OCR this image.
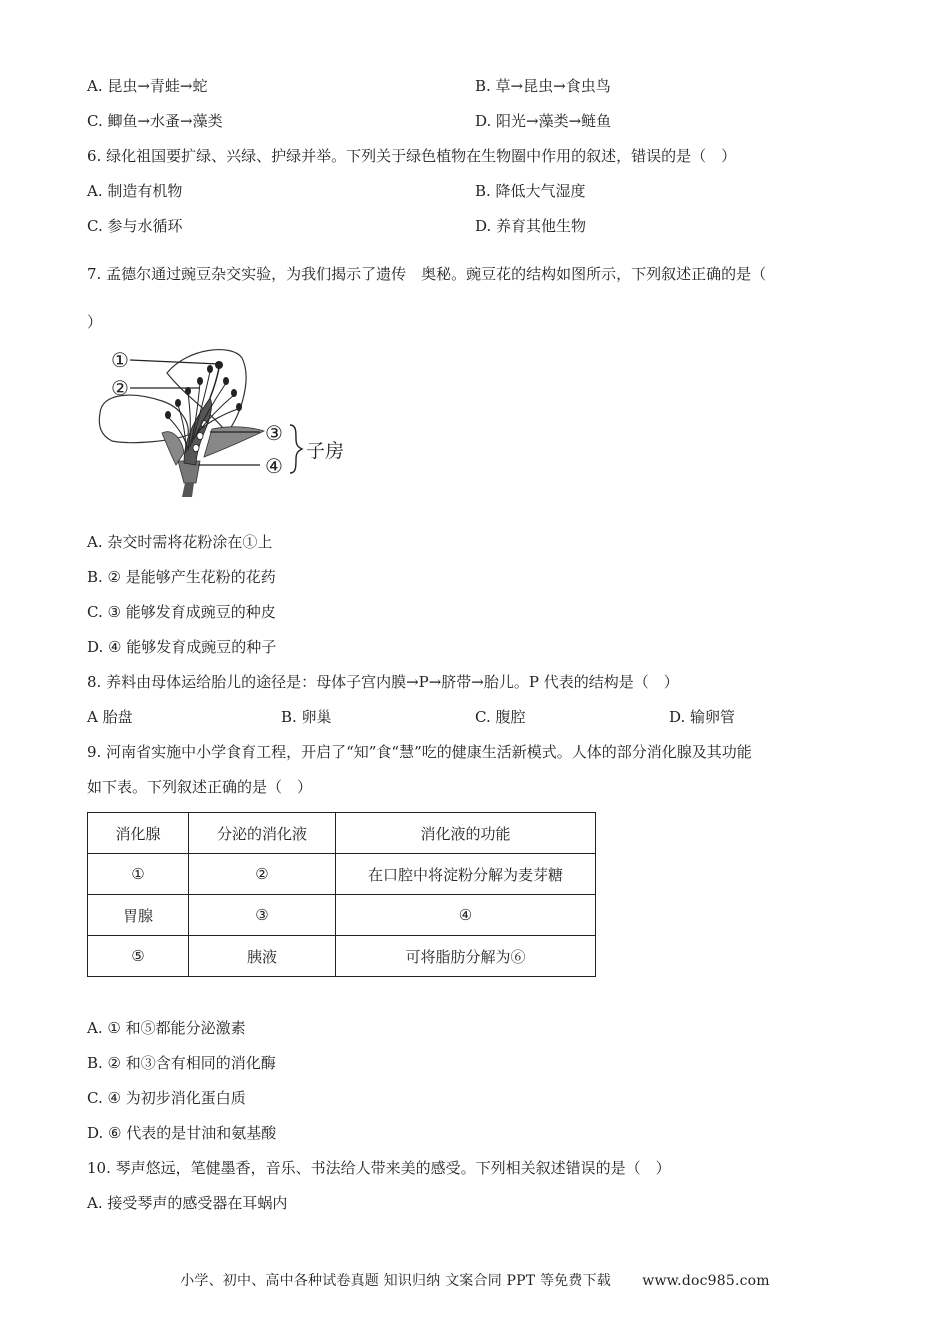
A. 昆虫→青蛙→蛇	B. 草→昆虫→食虫鸟
C. 鲫鱼→水蚤→藻类	D. 阳光→藻类→鲢鱼
6. 绿化祖国要扩绿、兴绿、护绿并举。下列关于绿色植物在生物圈中作用的叙述，错误的是（　）
A. 制造有机物	B. 降低大气湿度
C. 参与水循环	D. 养育其他生物
7. 孟德尔通过豌豆杂交实验，为我们揭示了遗传　奥秘。豌豆花的结构如图所示，下列叙述正确的是（
）
①
②
③
④
子房
A. 杂交时需将花粉涂在①上
B. ② 是能够产生花粉的花药
C. ③ 能够发育成豌豆的种皮
D. ④ 能够发育成豌豆的种子
8. 养料由母体运给胎儿的途径是：母体子宫内膜→P→脐带→胎儿。P 代表的结构是（　）
A 胎盘	B. 卵巢	C. 腹腔	D. 输卵管
9. 河南省实施中小学食育工程，开启了“知”食“慧”吃的健康生活新模式。人体的部分消化腺及其功能
如下表。下列叙述正确的是（　）
消化腺	分泌的消化液	消化液的功能
①	②	在口腔中将淀粉分解为麦芽糖
胃腺	③	④
⑤	胰液	可将脂肪分解为⑥
A. ① 和⑤都能分泌激素
B. ② 和③含有相同的消化酶
C. ④ 为初步消化蛋白质
D. ⑥ 代表的是甘油和氨基酸
10. 琴声悠远，笔健墨香，音乐、书法给人带来美的感受。下列相关叙述错误的是（　）
A. 接受琴声的感受器在耳蜗内
小学、初中、高中各种试卷真题 知识归纳 文案合同 PPT 等免费下载 www.doc985.com
